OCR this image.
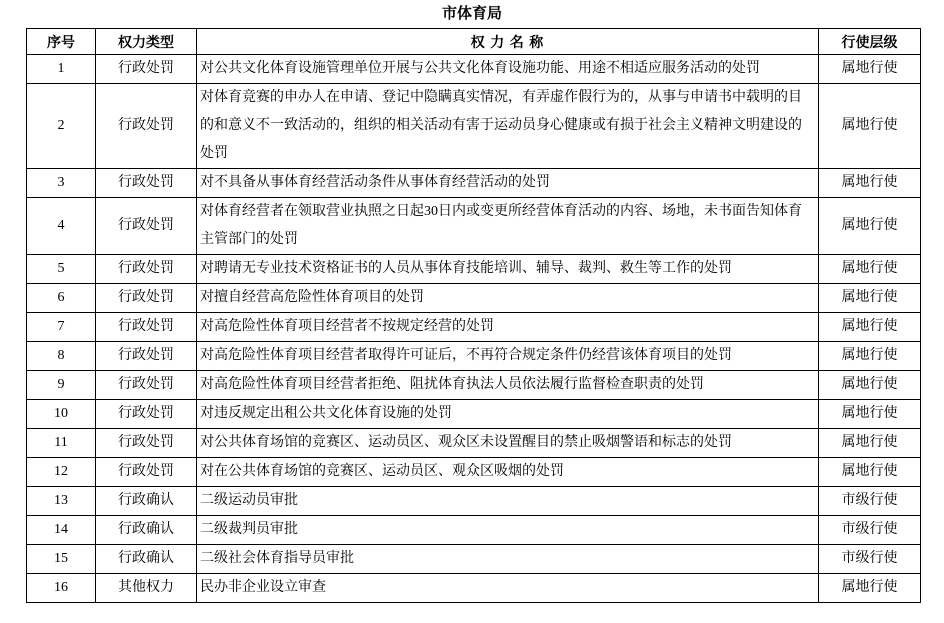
市体育局
序号	权力类型	权 力 名 称	行使层级
1	行政处罚	对公共文化体育设施管理单位开展与公共文化体育设施功能、用途不相适应服务活动的处罚	属地行使
2	行政处罚	对体育竞赛的申办人在申请、登记中隐瞒真实情况，有弄虚作假行为的，从事与申请书中载明的目的和意义不一致活动的，组织的相关活动有害于运动员身心健康或有损于社会主义精神文明建设的处罚	属地行使
3	行政处罚	对不具备从事体育经营活动条件从事体育经营活动的处罚	属地行使
4	行政处罚	对体育经营者在领取营业执照之日起30日内或变更所经营体育活动的内容、场地，未书面告知体育主管部门的处罚	属地行使
5	行政处罚	对聘请无专业技术资格证书的人员从事体育技能培训、辅导、裁判、救生等工作的处罚	属地行使
6	行政处罚	对擅自经营高危险性体育项目的处罚	属地行使
7	行政处罚	对高危险性体育项目经营者不按规定经营的处罚	属地行使
8	行政处罚	对高危险性体育项目经营者取得许可证后，不再符合规定条件仍经营该体育项目的处罚	属地行使
9	行政处罚	对高危险性体育项目经营者拒绝、阻扰体育执法人员依法履行监督检查职责的处罚	属地行使
10	行政处罚	对违反规定出租公共文化体育设施的处罚	属地行使
11	行政处罚	对公共体育场馆的竞赛区、运动员区、观众区未设置醒目的禁止吸烟警语和标志的处罚	属地行使
12	行政处罚	对在公共体育场馆的竞赛区、运动员区、观众区吸烟的处罚	属地行使
13	行政确认	二级运动员审批	市级行使
14	行政确认	二级裁判员审批	市级行使
15	行政确认	二级社会体育指导员审批	市级行使
16	其他权力	民办非企业设立审查	属地行使
